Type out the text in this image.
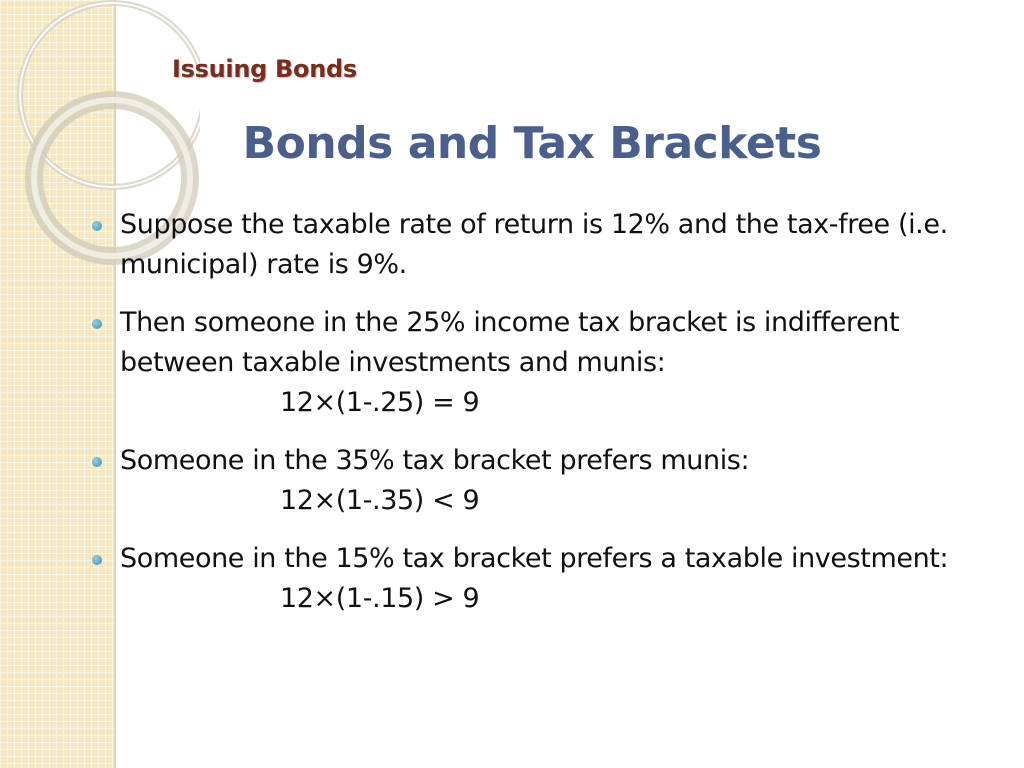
Issuing Bonds
Bonds and Tax Brackets
Suppose the taxable rate of return is 12% and the tax-free (i.e. municipal) rate is 9%.
Then someone in the 25% income tax bracket is indifferent between taxable investments and munis:
12×(1-.25) = 9
Someone in the 35% tax bracket prefers munis:
12×(1-.35) < 9
Someone in the 15% tax bracket prefers a taxable investment:
12×(1-.15) > 9
